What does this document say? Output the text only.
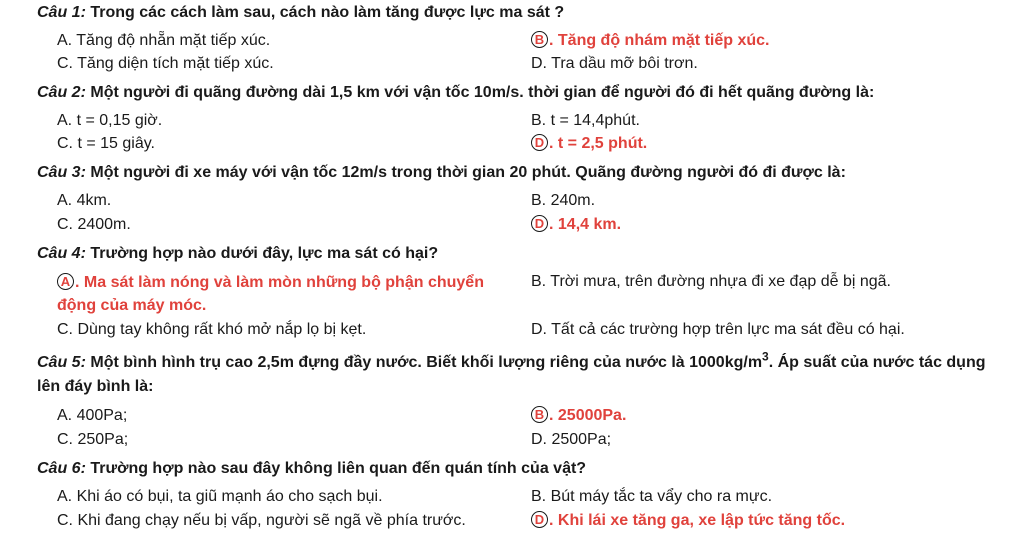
Câu 1: Trong các cách làm sau, cách nào làm tăng được lực ma sát ?
A. Tăng độ nhẵn mặt tiếp xúc.	B . Tăng độ nhám mặt tiếp xúc.
C. Tăng diện tích mặt tiếp xúc.	D. Tra dầu mỡ bôi trơn.
Câu 2: Một người đi quãng đường dài 1,5 km với vận tốc 10m/s. thời gian để người đó đi hết quãng đường là:
A. t = 0,15 giờ.	B. t = 14,4phút.
C. t = 15 giây.	D . t = 2,5 phút.
Câu 3: Một người đi xe máy với vận tốc 12m/s trong thời gian 20 phút. Quãng đường người đó đi được là:
A. 4km.	B. 240m.
C. 2400m.	D . 14,4 km.
Câu 4: Trường hợp nào dưới đây, lực ma sát có hại?
A . Ma sát làm nóng và làm mòn những bộ phận chuyển động của máy móc.
B. Trời mưa, trên đường nhựa đi xe đạp dễ bị ngã.
C. Dùng tay không rất khó mở nắp lọ bị kẹt.	D. Tất cả các trường hợp trên lực ma sát đều có hại.
Câu 5: Một bình hình trụ cao 2,5m đựng đầy nước. Biết khối lượng riêng của nước là $1000kg/m^3$. Áp suất của nước tác dụng lên đáy bình là:
A. 400Pa;	B . 25000Pa.
C. 250Pa;	D. 2500Pa;
Câu 6: Trường hợp nào sau đây không liên quan đến quán tính của vật?
A. Khi áo có bụi, ta giũ mạnh áo cho sạch bụi.	B. Bút máy tắc ta vẩy cho ra mực.
C. Khi đang chạy nếu bị vấp, người sẽ ngã về phía trước.	D . Khi lái xe tăng ga, xe lập tức tăng tốc.
